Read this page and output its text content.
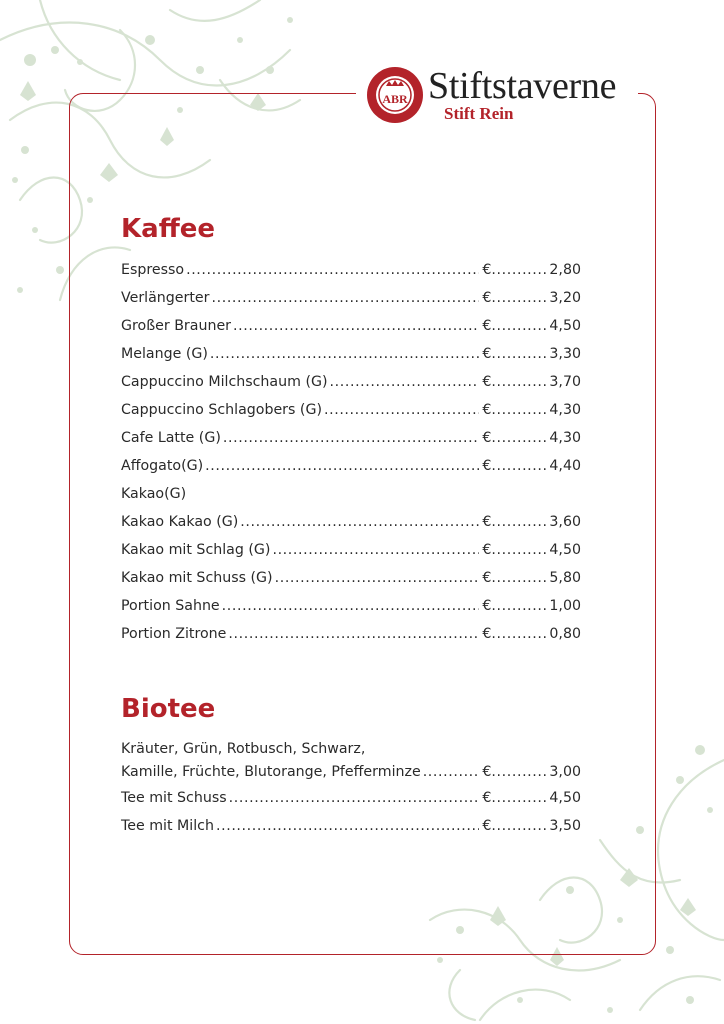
ABR Stiftstaverne
Stift Rein
Kaffee
Espresso .....	€ .....	2,80
Verlängerter .....	€ .....	3,20
Großer Brauner .....	€ .....	4,50
Melange (G) .....	€ .....	3,30
Cappuccino Milchschaum (G) .....	€ .....	3,70
Cappuccino Schlagobers (G) .....	€ .....	4,30
Cafe Latte (G) .....	€ .....	4,30
Affogato(G) .....	€ .....	4,40
Kakao(G)
Kakao Kakao (G) .....	€ .....	3,60
Kakao mit Schlag (G) .....	€ .....	4,50
Kakao mit Schuss (G) .....	€ .....	5,80
Portion Sahne .....	€ .....	1,00
Portion Zitrone .....	€ .....	0,80
Biotee
Kräuter, Grün, Rotbusch, Schwarz,
Kamille, Früchte, Blutorange, Pfefferminze .....	€ .....	3,00
Tee mit Schuss .....	€ .....	4,50
Tee mit Milch .....	€ .....	3,50
